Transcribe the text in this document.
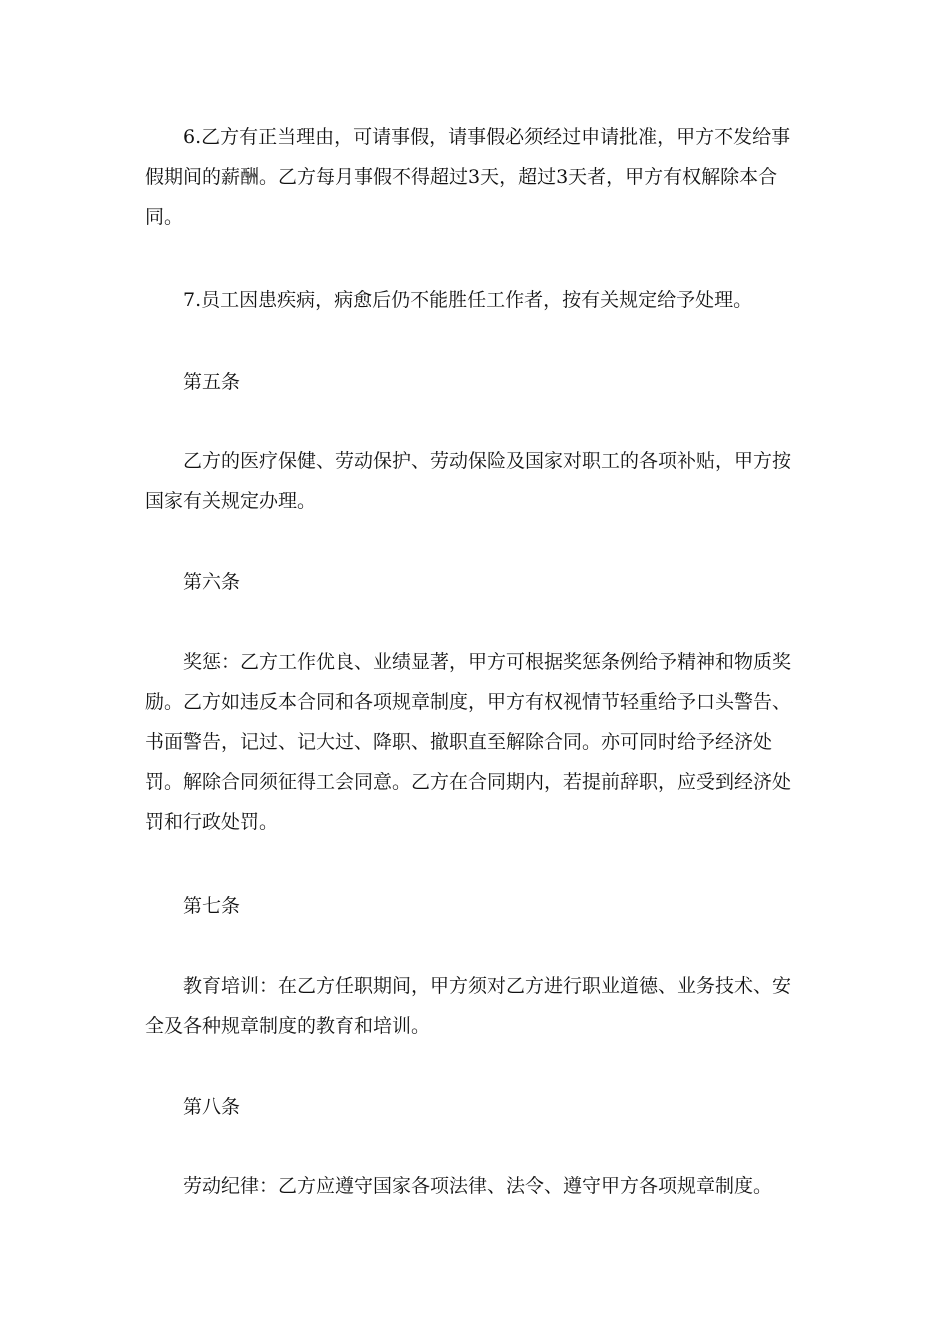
6.乙方有正当理由，可请事假，请事假必须经过申请批准，甲方不发给事假期间的薪酬。乙方每月事假不得超过3天，超过3天者，甲方有权解除本合同。

7.员工因患疾病，病愈后仍不能胜任工作者，按有关规定给予处理。

第五条

乙方的医疗保健、劳动保护、劳动保险及国家对职工的各项补贴，甲方按国家有关规定办理。

第六条

奖惩：乙方工作优良、业绩显著，甲方可根据奖惩条例给予精神和物质奖励。乙方如违反本合同和各项规章制度，甲方有权视情节轻重给予口头警告、书面警告，记过、记大过、降职、撤职直至解除合同。亦可同时给予经济处罚。解除合同须征得工会同意。乙方在合同期内，若提前辞职，应受到经济处罚和行政处罚。

第七条

教育培训：在乙方任职期间，甲方须对乙方进行职业道德、业务技术、安全及各种规章制度的教育和培训。

第八条

劳动纪律：乙方应遵守国家各项法律、法令、遵守甲方各项规章制度。
